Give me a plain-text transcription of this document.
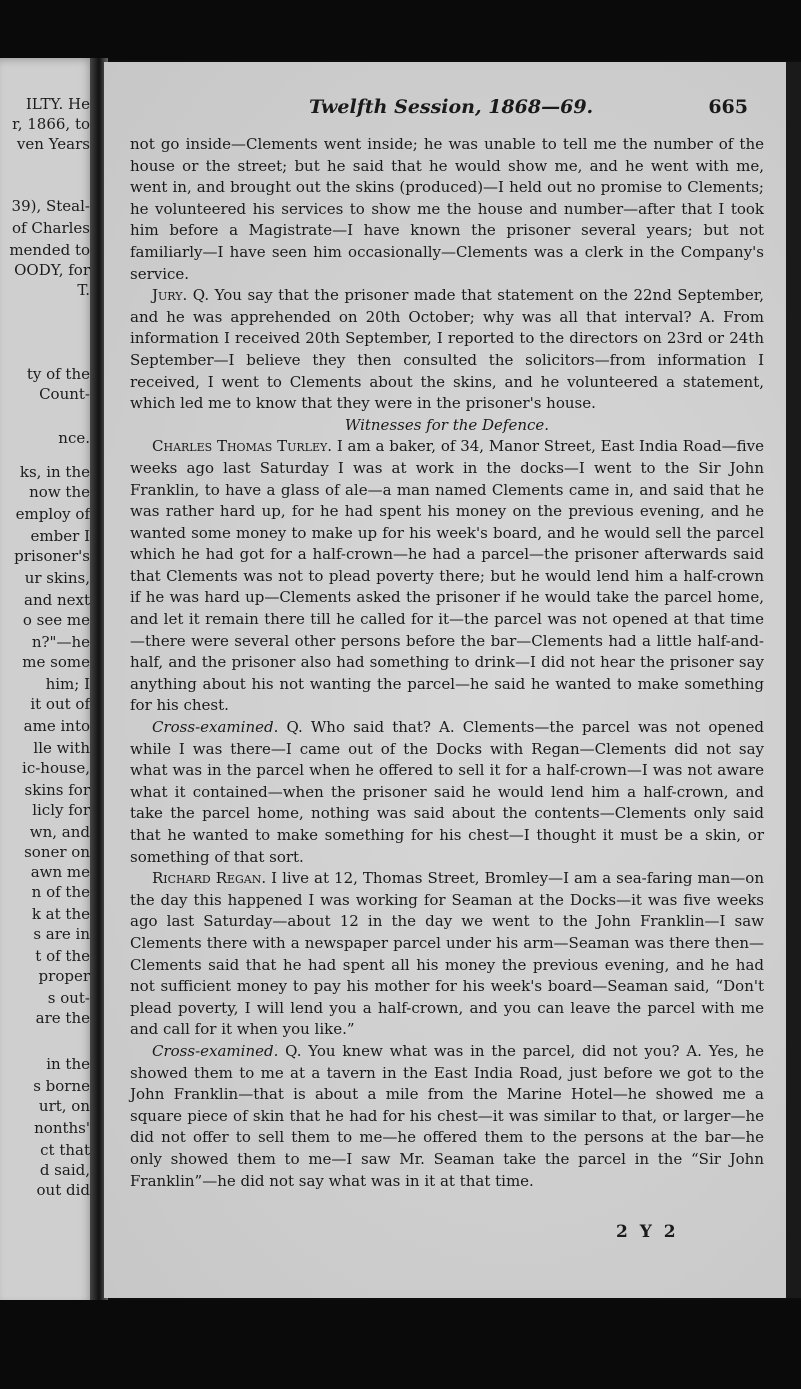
ILTY. He
r, 1866, to
ven Years
39), Steal-
of Charles
mended to
OODY, for
T.
ty of the
Count-
nce.
ks, in the
now the
employ of
ember I
prisoner's
ur skins,
and next
o see me
n?"—he
me some
him; I
it out of
ame into
lle with
ic-house,
skins for
licly for
wn, and
soner on
awn me
n of the
k at the
s are in
t of the
proper
s out-
are the
in the
s borne
urt, on
nonths'
ct that
d said,
out did
Twelfth Session, 1868—69.	665

not go inside—Clements went inside; he was unable to tell me the number of the house or the street; but he said that he would show me, and he went with me, went in, and brought out the skins (produced)—I held out no promise to Clements; he volunteered his services to show me the house and number—after that I took him before a Magistrate—I have known the prisoner several years; but not familiarly—I have seen him occasionally—Clements was a clerk in the Company's service.

Jury. Q. You say that the prisoner made that statement on the 22nd September, and he was apprehended on 20th October; why was all that interval? A. From information I received 20th September, I reported to the directors on 23rd or 24th September—I believe they then consulted the solicitors—from information I received, I went to Clements about the skins, and he volunteered a statement, which led me to know that they were in the prisoner's house.

Witnesses for the Defence.

Charles Thomas Turley. I am a baker, of 34, Manor Street, East India Road—five weeks ago last Saturday I was at work in the docks—I went to the Sir John Franklin, to have a glass of ale—a man named Clements came in, and said that he was rather hard up, for he had spent his money on the previous evening, and he wanted some money to make up for his week's board, and he would sell the parcel which he had got for a half-crown—he had a parcel—the prisoner afterwards said that Clements was not to plead poverty there; but he would lend him a half-crown if he was hard up—Clements asked the prisoner if he would take the parcel home, and let it remain there till he called for it—the parcel was not opened at that time—there were several other persons before the bar—Clements had a little half-and-half, and the prisoner also had something to drink—I did not hear the prisoner say anything about his not wanting the parcel—he said he wanted to make something for his chest.

Cross-examined. Q. Who said that? A. Clements—the parcel was not opened while I was there—I came out of the Docks with Regan—Clements did not say what was in the parcel when he offered to sell it for a half-crown—I was not aware what it contained—when the prisoner said he would lend him a half-crown, and take the parcel home, nothing was said about the contents—Clements only said that he wanted to make something for his chest—I thought it must be a skin, or something of that sort.

Richard Regan. I live at 12, Thomas Street, Bromley—I am a sea-faring man—on the day this happened I was working for Seaman at the Docks—it was five weeks ago last Saturday—about 12 in the day we went to the John Franklin—I saw Clements there with a newspaper parcel under his arm—Seaman was there then—Clements said that he had spent all his money the previous evening, and he had not sufficient money to pay his mother for his week's board—Seaman said, “Don't plead poverty, I will lend you a half-crown, and you can leave the parcel with me and call for it when you like.”

Cross-examined. Q. You knew what was in the parcel, did not you? A. Yes, he showed them to me at a tavern in the East India Road, just before we got to the John Franklin—that is about a mile from the Marine Hotel—he showed me a square piece of skin that he had for his chest—it was similar to that, or larger—he did not offer to sell them to me—he offered them to the persons at the bar—he only showed them to me—I saw Mr. Seaman take the parcel in the “Sir John Franklin”—he did not say what was in it at that time.

2 Y 2
